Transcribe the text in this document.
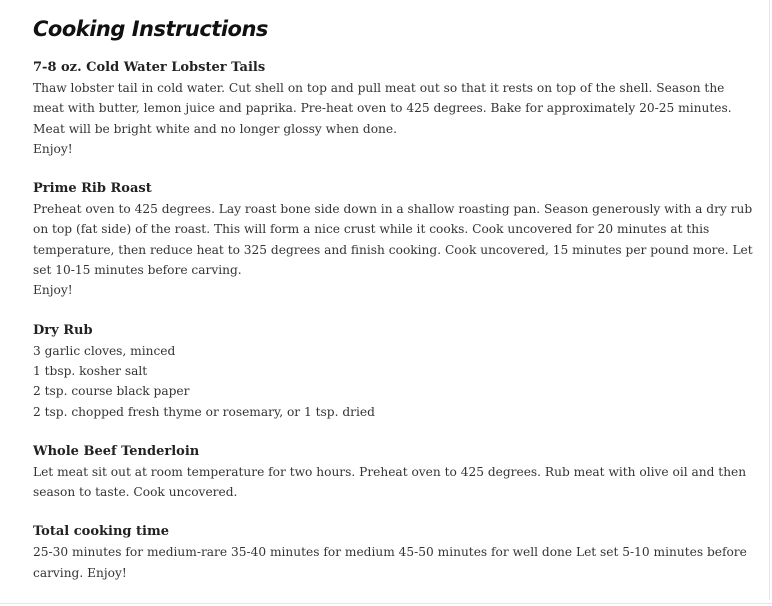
Cooking Instructions

7-8 oz. Cold Water Lobster Tails

Thaw lobster tail in cold water. Cut shell on top and pull meat out so that it rests on top of the shell. Season the meat with butter, lemon juice and paprika. Pre-heat oven to 425 degrees. Bake for approximately 20-25 minutes. Meat will be bright white and no longer glossy when done.

Enjoy!

Prime Rib Roast

Preheat oven to 425 degrees. Lay roast bone side down in a shallow roasting pan. Season generously with a dry rub on top (fat side) of the roast. This will form a nice crust while it cooks. Cook uncovered for 20 minutes at this temperature, then reduce heat to 325 degrees and finish cooking. Cook uncovered, 15 minutes per pound more. Let set 10-15 minutes before carving.

Enjoy!

Dry Rub

3 garlic cloves, minced

1 tbsp. kosher salt

2 tsp. course black paper

2 tsp. chopped fresh thyme or rosemary, or 1 tsp. dried

Whole Beef Tenderloin

Let meat sit out at room temperature for two hours. Preheat oven to 425 degrees. Rub meat with olive oil and then season to taste. Cook uncovered.

Total cooking time

25-30 minutes for medium-rare 35-40 minutes for medium 45-50 minutes for well done Let set 5-10 minutes before carving. Enjoy!
